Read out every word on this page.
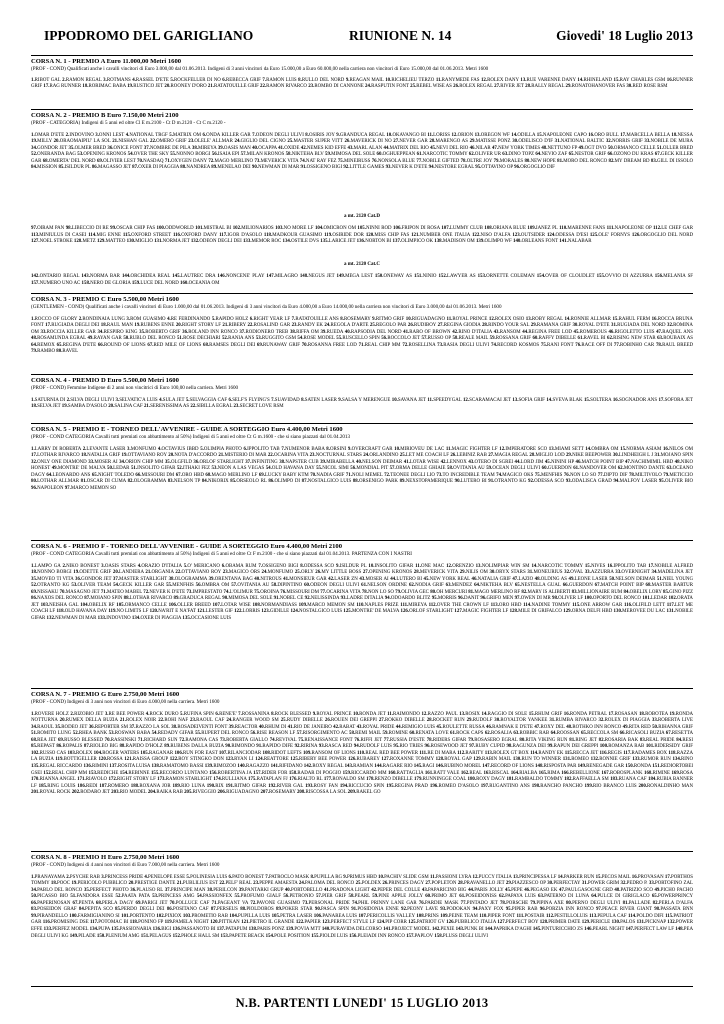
IPPODROMO DEL GARIGLIANO	RIUNIONE N. 14	Giovedi' 18 Luglio 2013
CORSA N. 1 - PREMIO A Euro 11.000,00 Metri 1600
(PROF - COND) Qualificati anche i cavalli vincitori di Euro 3.000,00 dal 01.06.2013. Indigeni di 3 anni vincitori da Euro 15.000,00 a Euro 60.000,00 nella carriera non vincitori di Euro 15.000,00 dal 01.06.2013. Metri 1600
1.RIBOT GAL 2.RAMON REGAL 3.ROTMANS 4.RASSEL D'ETE 5.ROCKFELLER DI NO 6.REBECCA GRIF 7.RAMON LUIS 8.RULLO DEL NORD 9.REAGAN MAIL 10.RICHELIEU TERZO 11.RANYMEDE FAS 12.ROLEX DANY 13.RUE VARENNE DANY 14.RHINELAND 15.RAY CHARLES GSM 16.RUNNER GRIF 17.RAG RUNNER 18.RORIMAC BABA 19.RUSTICO JET 20.ROONEY D'ORO 21.RATATOUILLE GRIF 22.RAMON RIVARCO 23.ROMBO DI CANNONE 24.RASPUTIN FONT 25.REBEL WISE AS 26.ROLEX REGAL 27.RIVER JET 28.RALLY REGAL 29.RONATOHANOVER FAS 30.RED ROSE RSM
CORSA N. 2 - PREMIO B Euro 7.150,00 Metri 2100
(PROF - CATEGORIA) Indigeni di 5 anni ed oltre Cl E m.2100 - Ct D m.2120 - Ct C m.2120 -
1.OMAR D'ETE 2.INDOVINO 3.ONNI LEST 4.NATIONAL TRGF 5.MATRIX OM 6.ONDA KILLER GAR 7.ODEON DEGLI ULIVI 8.OSIRIS JOY 9.GRANDUCA REGAL 10.OKAVANGO BI 11.LORISS 12.ORION 13.OREGON WF 14.ODILLA 15.NAPOLEONE CAPO 16.ORO BULL 17.MARCELLA BELLA 18.NESSA 19.MILLY 20.ORAOMAIPIU' LA SOL 21.NISHAN GAL 22.OMERO GRIF 23.OLELE' ALLMAR 24.GIGLIO DEL CIGNO 25.MASTER SUPER VITT 26.MAVERICK DI NO 27.NEVER GAR 28.MARENGO AS 29.MATISSE PONZ 30.ODELISCO D'IF 31.NATIONAL BALTIC 32.NORRIS GRIF 33.NOBILE DE MURA 34.GONDOR JET 35.OLMER BRED 36.ONICE FONT 37.NOMBRE DE PILA 38.MIREYA 39.OASIS MAN 40.OCAPPA 41.OXIDE 42.NEMES KID EFFE 43.MARL ALAN 44.MATRIX DEL RIO 45.NEVI DEL RIO 46.NILAR 47.NEW YORK TIMES 48.NETTUNO FP 49.OGT DVO 50.ORMANCO CELLE 51.OLLER BRED 52.ONERANDA BAG 53.OPENING KRONOS 54.OVER THE SKY 55.NONNO BORGI 56.ISAIA EPI 57.MILAN KRONOS 58.NIKTEHA BLV 59.MIMOSA DEL SOLE 60.OGHUEPPEAN 61.NARCOTIC TOMMY 62.OLIVER UR 63.DINO TOPZ 64.NEVIO ZAF 65.NESTOR GRIF 66.OZONO DU KRAS 67.GECK KILLER GAR 68.OMERTA' DEL NORD 69.OLIVIER LEST 70.NASDAQ 71.OXYGEN DANY 72.MAGO MERLINO 73.MEVERICK VITA 74.NAT RAY FEZ 75.MINEIRUSS 76.NONSOLA BLUE 77.NOBILE GIFTED 78.OLTRE JOY 79.MORALES 80.NEW HOPE 81.MORO DEL RONCO 82.MY DREAM BD 83.GILL DI ISSOLO 84.MISSION 85.ISILDUR PL 86.MAGASSO JET 87.OXER DI PIAGGIA 88.NANDREA 89.MENELAO DEI 90.NEWMAN DI MAR 91.OSSIGENO BIGI 92.LITTLE GAMES 93.NEVER K D'ETE 94.NESTORE EGRAL 95.OTTAVINO OP 96.ORGOGLIO DIF
a mt. 2120 Cat.D
97.OIRAM PAN 98.LIBECCIO DI RE 99.OSCAR CHIP FAS 100.ODDWORLD 101.MISTRAL BI 102.MILIONARIOS 103.NO MORE LF 104.OMICRON OM 105.NINNI ROD 106.FRIPON DI ROSA 107.LUMMY CLUB 108.ORIANA BLUE 109.IANEZ PL 110.MARENNE FANS 111.NAPOLEONE OP 112.LE CHEF GAR 113.MINIULUS DI CASEI 114.MIG ENNE 115.OXFORD STREET 116.OXFORD DANY 117.IGOR D'ASOLO 118.MADKOUR GUASIMO 119.OSIRIDE DOR 120.MISS CHIP FAS 121.NUMBER ONE ITALIA 122.NISO D'ALFA 123.OUTSIDER 124.ODESSA D'ESI 125.OLE' FORNYS 126.ORGOGLIO DEL NORD 127.NOEL STROKE 128.METZ 129.MATTEO 130.MIGLIO 131.NORMA JET 132.ODEON DEGLI DEI 133.MEMOR ROC 134.OSTILE DVS 135.LARICE JET 136.NORTON BI 137.OLIMPICO OK 138.MADISON OM 139.OLIMPO WF 140.ORLEANS FONT 141.NALABAR
a mt. 2120 Cat.C
142.ONTARIO REGAL 143.NORMA BAR 144.ORCHIDEA REAL 145.LAUTREC DRA 146.NONCENE' PLAY 147.MILAGRO 148.NEGUS JET 149.MEGA LEST 150.ONEWAY AS 151.NINIO 152.LAWYER AS 153.ORNETTE COLEMAN 154.OVER OF CLOUDLET 155.OVVIO DI AZZURRA 156.MELANIA SF 157.NUMERO UNO AC 158.NERO DE GLORIA 159.LUCE DEL NORD 160.OCEANIA OM
CORSA N. 3 - PREMIO C Euro 5.500,00 Metri 1600
(GENTLEMEN - COND) Qualificati anche i cavalli vincitori di Euro 1.000,00 dal 01.06.2013. Indigeni di 3 anni vincitori da Euro 4.000,00 a Euro 14.000,00 nella carriera non vincitori di Euro 3.000,00 dal 01.06.2013. Metri 1600
1.ROCCO OF GLORY 2.RONDINAIA LUNG 3.ROM GUASIMO 4.RE FERDINANDO 5.RAPIDO HOLZ 6.RIGHT YEAR LF 7.RATATOUILLE ANS 8.ROSEMARY 9.RITMO GRIF 10.RIGUADAGNO 11.ROYAL PRINCE 12.ROLEX OSIO 13.ROBY REGAL 14.RONNIE ALLMAR 15.RAHUL FERM 16.ROCCA BRUNA FONT 17.RUGIADA DEGLI DEI 18.RAUL MAN 19.RUBENS ENNE 20.RIGHT STORY LF 21.RIBERY 22.ROSALIND GAR 23.RANDY EK 24.REGOLA D'ARTE 25.REGOLO PAR 26.RUDIBOY 27.REGINA GIODIA 28.RINDO YOUR SAL 29.RAMANA GRIF 30.ROYAL D'ETE 31.RUGIADA DEL NORD 32.ROMINA OM 33.ROCCIA KILLER GAR 34.RESPIRO KING 35.ROBERTO GRIF 36.ROLAND INN RONCO 37.RODIONERO TREB 38.RIFFA OM 39.RUEDA 40.RAPSODIA DEL NORD 41.RARO OF BROWN 42.RINO D'ITALIA 43.RANSOM 44.REGINA FREE LOD 45.ROMEROUS 46.RIGOLETTO LUIS 47.RAQUEL ANS 48.ROSAMUNDA EGRAL 49.RAYAN GAR 50.RUBLO DEL RONCO 51.ROSE DECHIARI 52.RANIA ANS 53.RUGGITO GSM 54.ROSE MODEL 55.RUSCELLO SPIN 56.ROCCOLO JET 57.RUSSO OP 58.REALE MAIL 59.ROSSANA GRIF 60.RAFFY DIBELLE 61.RAVEL BI 62.RISING NEW STAR 63.ROUBAIX AS 64.REMOX 65.REGINA D'ETE 66.ROUND OF LIONS 67.RED MILE OF LIONS 68.RAMSES DEGLI DEI 69.RUNAWAY GRIF 70.ROSANNA FREE LOD 71.REAL CHIP MM 72.ROSELLINA 73.RASIA DEGLI ULIVI 74.RECORD KOSMOS 75.RANI FONT 76.RACE OFF DI 77.ROBINHO CAR 78.RAUL BREED 79.RAMBO 80.RAVEL
CORSA N. 4 - PREMIO D Euro 5.500,00 Metri 1600
(PROF - COND) Femmine Indigene di 2 anni non vincitrici di Euro 100,00 nella carriera. Metri 1600
1.SATURNIA DI 2.SILVA DEGLI ULIVI 3.SELVATIC'A LUIS 4.SULA JET 5.SELVAGGIA CAF 6.SELF'S FLYING'S 7.SUAVIDAD 8.SATEN LASER 9.SALSA Y MERENGUE 10.SAVANA JET 11.SPEEDYGAL 12.SCARAMACAI JET 13.SOFIA GRIF 14.SVEVA BLAK 15.SOLTERA 16.SOGNADOR ANS 17.SOFORA JET 18.SELVA JET 19.SAMBA D'ASOLO 20.SALINA CAF 21.SERENISSIMA AS 22.SIBILLA EGRAL 23.SECRET LOVE RSM
CORSA N. 5 - PREMIO E - TORNEO DELL'AVVENIRE - GUIDE A SORTEGGIO Euro 4.400,00 Metri 1600
(PROF - COND CATEGORIA Cavalli tutti premiati con abbattimento al 50%) Indigeni di 5 anni ed oltre Ct G m.1600 - che si siano piazzati dal 01.04.2013
1.LARRY DI ROBERTA 2.LEVANTE LASER 3.MONFUMO 4.OCTAVIUS IBBD 5.OLIMPIA PHOTO 6.IPPOLITO TAB 7.NUMENOR BABA 8.ORSINI 9.OVERCRAFT GAR 10.MIRIOVEU DE LAC 11.MAGIC FIGHTER LF 12.IMPERATORE SCO 13.MIAMI SETT 14.OMBRA OM 15.NORMA ASIAM 16.NILOS OM 17.LOTHAR RIVARCO 18.NATALIA GRIF 19.OTTAVIANO ROY 20.NOTA D'ACCORDO 21.MISTERIO DI MAR 22.OCARINA VITA 23.NOCTURNAL STARS 24.ORLANDINO 25.LET ME COACH LF 26.LEBINIZ RAB 27.MAGIA REGAL 28.MIGLIO LOD 29.NIKE BEEPOWER 30.LINDHEIGH L J 31.MOJANO SPIN 32.ONLY ONE DIAMOND 33.MOSER AI 34.ORION CHIP MM 35.OLGFILD 36.ORLOF STARLIGHT 37.INFINITING 38.NAPSTER CUB 39.MIRABELLA 40.NELSON DEIMAR 41.LOTAR WISE 42.LENNOX 43.OTERO DI SGREI 44.LORD JIM 45.NININI HP 46.MATCH POINT BIP 47.NACHIMIMIL HBD 48.NIKO HONEST 49.MONTRE' DE MALVA 50.LEDAR 51.INSOLITO GIFAR 52.ITHAKI FEZ 53.NEON A LAS VEGAS 54.OLD HAVANA DAY 55.NICOL SIMI 56.MONDIAL PIT 57.ORMA DELLE GHIAIE 58.OVITANIA AU 59.OCEAN DEGLI ULIVI 60.GUERDON 61.NANDOVER OM 62.MONTINO DANTE 63.OCEANO DAGY 64.LEONARDO ANS 65.NIGHT TOLEDO 66.MISSOURI DM 67.ORO HBD 68.MAGO MERLINO LF 69.LUCKY BABY KTM 70.NADIA GRIF 71.NOLI MEMEL 72.TEONEE DEGLI LIO 73.TO INCREDIBLE TEAM 74.MAGICO OKS 75.MENFHIS 76.NON LO SO 77.DIPTO DIF 78.MILTIVOLO 79.METICCIO 80.LOTHAR ALLMAR 81.OSCAR DI CUMA 82.OLOGRAMMA 83.NELSON TP 84.NIKORIX 85.ORSEOLO RL 86.OLIMPO DI 87.NOSTALGICO LUIS 88.ORSENIGO PARK 89.NEXSTOPAMERIQUE 90.LUTERO BI 91.OTRANTO KG 92.ODESSA SCO 93.ODALISCA GRAD 94.MALFOY LASER 95.OLIVER BIO 96.NAPOLEON 97.MARCO MEMON SO
CORSA N. 6 - PREMIO F - TORNEO DELL'AVVENIRE - GUIDE A SORTEGGIO Euro 4.400,00 Metri 2100
(PROF - COND CATEGORIA Cavalli tutti premiati con abbattimento al 50%) Indigeni di 5 anni ed oltre Ct F m.2100 - che si siano piazzati dal 01.04.2013. PARTENZA CON I NASTRI
1.LAMPO GA 2.NIKO BONEST 3.OASIS STARS 4.ORAZIO D'ITALIA 5.O' MERICANO 6.OBAMA RUM 7.OSSIGENO BIGI 8.ODESSA SCO 9.ISILDUR PL 10.INSOLITO GIFAR 11.ONE MAC 12.ORENZIO 13.NOLIMPIAR WIN SM 14.NARCOTIC TOMMY 15.NIVES 16.IPPOLITO TAB 17.NOBILE ALFRED 18.NONNO BORGI 19.ODETTE GRIF 20.LANDIERA 21.ORGANIA 22.OTTAVIANO ROY 23.MAGICO ORS 24.MONFUMO 25.ORLY 26.MY LITTLE BOSS 27.OPENING KRONOS 28.MEVERICK VITA 29.NILIS OM 30.ORYX STARS 31.MONEURIUS 32.OVAL 33.AZZURRA 33.OVERNIGHT 34.MADELINA JET 35.MOVEO TI VITA 36.GONDOR JET 37.MASTER STARLIGHT 38.OLOGRAMMA 39.ORENTANA BAG 40.NITROUS 41.MONSIEUR GAR 42.LASER ZN 43.MOSER AI 44.LUTERO BI 45.NEW YORK REAL 46.NATALIA GRIF 47.LAZIO 48.OLDING AS 49.LEONE LASER 50.NELSON DEIMAR 51.NIEL YOUNG 52.OTRANTO KG 53.OLIVER TEAM 54.GECK KILLER GAR 55.MENFHIS 56.OMBRA OM 57.OVITANIA AU 58.DIPINTINO 60.ODEON DEGLI ULIVI 61.NELSON ORDINE 62.NODIA GRIF 63.MENDEZ 64.NIKTEHA BLV 65.NESTELLA GUAL 66.GUERDON 67.MATCH POINT BIP 68.MASTER BARTUR 69.NISSAKU 70.MASAGNO JET 71.MATEO MABEL 72.NEVER K D'ETE 73.IMPRESTATO 74.L'OLIMUR 75.OROINA 76.MISSOURI DM 77.OCARINA VITA 78.NON LO SO 79.OLIVIA GEC 80.OH MERCURI 81.MAGO MERLINO RF 82.MARY IS ALIBERTI 83.MILLIONAIRE RUM 84.OBELIX LORY 85.GINO PIZZ 86.NAXOS DEL RONCO 87.MOIANO SPIN 88.LOTHAR RIVARCO 89.GRADUCA REGAL 90.MIMOSA DEL SOLE 91.NOBEL CE 92.NELISSINDA 93.LADRE DITALIA 94.ODOARDO BLITZ 95.MORRIS 96.DANIT 96.GRIFO MEN 97.OWEN DI MR 98.OLIVER LF 100.OPORTO DEL RONCO 101.LEDAR 102.ORATA JET 103.NEISHA GAL 104.OBELIX RF 105.ORMANCO CELLE 106.OLLER BREED 107.LOTAR WISE 108.NORMANDIASS 109.MARCO MEMON SM 110.NAPLES PRIZE 111.MIREYA 112.OVER THE CROWN LF 113.ORO HBD 114.NADINE TOMMY 115.ONE ARROW GAR 116.OLIFILD LETT 117.LET ME COACH LF 118.OLD HAVANA DAY 119.NO LIMITS LF 120.NA'RIT E NA'FAT 121.LESTER GIF 122.LORRIS 123.GIDILLE 124.NOSTALGICO LUIS 125.MONTRE' DE MALVA 126.ORLOF STARLIGHT 127.MAGIC FIGHTER LF 128.MILE DI GRIFALCO 129.ORNA DELFI HBD 130.MEROVEE DU LAC 131.NOBILE GIFAR 132.NEWMAN DI MAR 133.INDOVINO 134.OXER DI PIAGGIA 135.OCCASIONE LUIS
CORSA N. 7 - PREMIO G Euro 2.750,00 Metri 1600
(PROF - COND) Indigeni di 3 anni non vincitori di Euro 4.000,00 nella carriera. Metri 1600
1.ROVERE HOLZ 2.RIZOBIO JET 3.RE BEE POWER 4.ROCK DURO 5.RUFINA SPIN 6.RENE'E' 7.ROSSANINA 8.ROCK BLESSED 9.ROYAL PRINCE 10.RONDA JET 11.RAIMONDO 12.RAZZO PAUL 13.ROSIX 14.RAGGIO DI SOLE 15.RHUM GRIF 16.RONDA PETRAL 17.ROSASAN 18.ROBOTEA 19.RONDA NOTTURNA 20.RUMEX DELLA BUZIA 21.ROLEX NOIR 22.ROHI NAF 23.RAOUL CAF 24.RANGER WOOD SM 25.RUDY DIBELLE 26.ROUEN DEI GREPPI 27.ROKKO DIBELLE 28.ROCKET RUN 29.RUDOLF 30.ROYALTOR YANKEE 31.RUMBA RIVARCO 32.ROLEX DI PIAGGIA 33.ROBERTA LIVE 34.RAOUL 35.RODEO JET 36.REPORTER SM 37.RAZZO LA SOL 38.ROSADEIVENTI FONT 39.REACTOR 40.RHUM DI 41.RIO DE JANEIRO 42.RABAT 43.ROYAL PRIDE 44.REMIGIO LUIS 45.ROULETTE RUSSA 46.RAMNAK E D'ETE 47.ROXY DEL 48.ROTHKO INN RONCO 49.RITA RED 50.RIHANNA GRIF 51.ROMITO LUNG 52.RHEA BANK 53.ROSWAN BABA 54.REDADY GIFAR 55.RUPERT DEL RONCO 56.RISE REASON LF 57.RISORGIMENTO AC 58.REMI MAIL 59.ROMINE 60.RENATA LOVE 61.ROCK CAPS 62.ROSALIA 63.ROBBIC RAB 64.ROOSSAN 65.RECCOLA SM 66.RICASOLI BUZIA 67.RESETTA 68.REA JET 69.RUSSO BLESSED 70.RASSINSKI 71.RICHARD SUN 72.RAMONA CAS 73.ROBERTA GIALLO 74.REVIVAL 75.RENAISSANCE FONT 76.RIFFI JET 77.RUSSIA D'ESTE 78.RIDERS GIFAR 79.ROSASERO EGRAL 80.RITA VIKING RUN 81.RING JET 82.ROSARIA BAK 83.REAL PRIDE 84.RESI 85.REPAST 86.ROPALIS 87.RIOLEO BIG 88.RAPIDO D'HOLZ 89.RUBENS DALLA BUZIA 90.RIMONDO 91.RAPIDO DIFE 92.RIRINA 93.RASCA RED 94.RUDOLF LUIS 95.RIO TRIES 96.ROSEWOOD JET 97.RUBY CUPID 98.RAGUNZA DEI 99.RAPUN DEI GREPPI 100.ROMANZA RAB 101.RIDERSIDY GRIF 102.RUSSO CAS 103.ROLEX 104.ROGER WATERS 105.RAGANAR 106.RUN FOR EAST 107.RILANCIODAR 108.RIDOT LEFTS 109.RANSOM OF LIONS 110.REAL RED BEE POWER 111.RE DI MARA 112.RARITY 113.ROLEX GT BOX 114.RANDY EK 115.RECCA JET 116.REGIS 117.RADAMES BOX 118.RAZZA LA BUZIA 119.BOTTIGELLER 120.ROSSA 121.RAISSA GROUP 122.ROY STINGKO DON 123.RYAN LI 124.REATTORE 125.RIBERY BEE POWER 126.RUBAREY 127.ROXANNE TOMMY 128.ROYAL GAP 129.RABIN MAIL 130.RUN TO WINNER 131.ROMEO 132.RONNIE GRIF 133.RUMOR RUN 134.RINO 135.REGAL RICCARDO 136.RIMINI 137.ROSITA LUISA 138.RAMATOMO BASSI 139.RIMOZOO 140.RAGAZZO 141.RIFIDANO 142.ROXY REGAL 143.RAMIAN 144.RAGARE RIO 145.RAGI 146.RUBINO MOREL 147.RECORD OF LIONS 148.RISPOSTA PAR 149.RENEGADE GAR 150.RONDA 151.REDIORTOBEI GSEI 152.REAL CHIP MM 153.REDICHE 154.REBINNE 155.RECORDO LUNTANO 156.ROBERTINA JA 157.RIDER FOR 158.RADAR DI POGGIO 159.RICCARDO MM 160.RATTAGLIA 161.RATT VALE 162.REAL 163.RISCAL 164.RIALBA 165.RIMA 166.REBELLIONE 167.ROBOSPLANK 168.RIMINE 169.ROSA 170.RIANNA ANGEL 171.RIAVOLO 172.RIGHT STORY LF 173.RAMON STARLIGHT 174.RULLIANA 175.RATAPLAN FJ 176.RIALTO RL 177.RONALDO SM 178.RENZO DIBELLE 179.RUNNINGGE COAL 180.ROXY DAGY 181.RAMBALDO TOMMY 182.RAFFAELLA SM 183.RUANA CAF 184.RUBIA BANNER LF 185.RING LOUIS 186.REDI 187.ROMERO 188.ROXANA JOR 189.RIO LUNA 190.RIX 191.RITMO GIFAR 192.RIVER GAL 193.ROSY FAN 194.RICCUCIO SPIN 195.REGINA PRAD 196.ROMEO D'ASOLO 197.RUGANTINO ANS 198.RANCHO PANCHO 199.RIO BRANCO LUIS 200.RONALDINHO MAN 201.ROYAL ROCK 202.RODARO JET 203.RIO MODEL 204.RAIKA RAB 205.RIVEGGIO 206.RIGUADAGNO 207.ROSEMARY 208.RISCOSSA LA SOL 209.RAKEL GO
CORSA N. 8 - PREMIO H Euro 2.750,00 Metri 1600
(PROF - COND) Indigeni di 4 anni non vincitori di Euro 7.000,00 nella carriera. Metri 1600
1.PRANAYAMA 2.PSYCHE RAB 3.PRINCESS PRIDE 4.PENELOPE ESSE 5.POLINESIA LUIS 6.PATO BONEST 7.PATROCLO MASK 8.PUPILLA RG 9.PRIMUS HBD 10.PACHIV SLIDE GSM 11.PASSIONI LYRA 12.PUCCY ITALIA 13.PRINCIPESSA LF 14.PARKER RUN 15.PECOS MAIL 16.PROVASAN 17.PORTHOS TOMMY 18.POOC 19.PERICOLO PUBBLICO 20.PRESTIGE DANTE 21.PUBLILIUS EST 22.PELF' REAL 23.PEPPE AMAESTA 24.PALOMA DEL RONCO 25.POLDEX 26.PRINCES DAGY 27.POPLETON 28.PRAVANELLO JET 29.PIAZZESCO OP 30.PERFECTAY 31.POWER GRIM 32.PEDRO P. 33.PORTOFINO ZAL 34.PABLO DEL RONCO 35.PERFECT PHOTO 36.PLAUSO RL 37.PRINCIPE MAN 38.PERILCON 39.PANTARKI GRUP 40.PORTOBELLO 41.PRADONA LIGHT 42.PEPER DEL COLLE 43.PAPARICINO BIG 44.PARIS JOLLY 45.PEPE 46.PEGASO EK 47.PAULGASOGNE GRD 48.PATRIZIO SCO 49.PICHO PACHO 50.PICASSO BIO 51.FANDORA ESSE 52.PAATA PATA 53.PRINCESS AMG 54.PASSIONFEX 55.PROFUMO GIALF 56.PETRONIO 57.PIER GRIF 58.PEARL 59.PINE APPLE JOLLY 60.PRIMO JET 61.POSEIDONISS 62.PAPAYA LUIS 63.PATERNO DI LUNA 64.PULCE DI GIRIGLACO 65.POWERPRINCY 66.PAPERINOSAN 67.PENTA 68.PERLA DAGY 69.PARIGI JET 70.POLLUCE CAF 71.PAGEANT VA 72.PAVONE GUASIMO 73.PERSONAL PRIDE 74.PHIL PRINNY LANE GAR 76.PARDIE MASK 77.PINTADO JET 78.PORSCHE 79.PIPINA AXE 80.PERNO DEGLI ULIVI 81.PALLADE 82.PERLA D'ALFA 83.POSEIDON GRAF 84.PEPITA SCO 85.PERDO DEGLI DEI 86.POSITANO CAF 87.PERSEUS 88.PIOLDOROS 89.POKER STAR 90.PASCA SPIN 91.POSIDONIA ENNE 92.PEONY LAVE 93.PODOKAN 94.PAXY FOX 95.PIPER RAB 96.PORZIA INN RONCO 97.PEACE RIVER GIANT 98.PASSATA BNN 99.PIRANDELLO 100.FARMIGIANINO SI 101.PORTENTO 102.PIXIOX 103.PROMETIO RAB 104.PUPILLA LUIS 105.PETRA LASER 106.PANAREA LUIS 107.PERICOLLIS VALLEY 108.PRINS 109.PEINE TEAM 110.PIPER FONT 111.POSTAIR 112.PESTILLOLUIS 113.PEPULA CAF 114.POLDO DIFI 115.PATRIOT GAR 116.PROMISING DSE 117.POTOMAC BI 118.PONINO FP 119.PAMELA NIGHT 120.PITTKAN 121.PIETRO IL GRANDE 122.PAPIER 123.PERFECT STYLE LF 124.PIP CORR 125.PATRIOT GV 126.PUBBLICO ITALIA 127.PERFECT BOY 128.PRIMER DATE 129.PERICLE 130.PALOS 131.PICKNAP 132.POWER EFFE 133.PERFEZ MODEL 134.PUPA 135.PASSIONARIA 136.BIGI 136.PASSANOTO BI 137.PATAPUM 138.PARIS PONZ 139.POVIA MTT 140.PURAVIDA DELCORSO 141.PROJECT MODEL 142.PEXIE 143.PUNK BI 144.PAPRIKA D'AGHI 145.PINTURICCHIO ZS 146.PEARL NIGHT 147.PERFECT LAW LF 148.PEA DEGLI ULIVI KG 149.PILADE 150.PLENIUM AMG 151.PELAGUS 152.PHOLE HALL SM 153.PAPETE BEACK 154.POLE POSITION 155.PIOLDI LUIS 156.PLEIADI INN RONCO 157.PAPLOV 158.PLUSS DEGLI ULIVI
N.B. PARTENTI LUNEDI' 15 LUGLIO 2013
